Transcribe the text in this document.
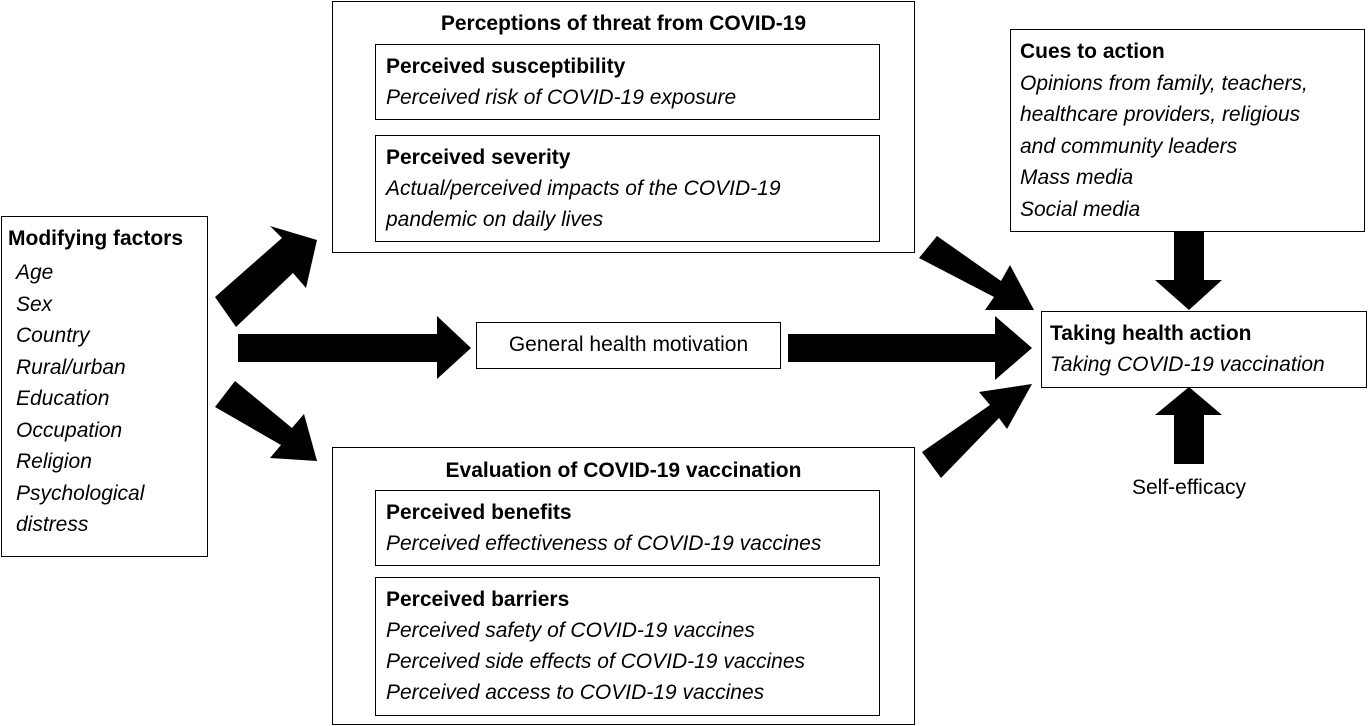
Modifying factors
Age
Sex
Country
Rural/urban
Education
Occupation
Religion
Psychological
distress
Perceptions of threat from COVID-19
Perceived susceptibility
Perceived risk of COVID-19 exposure
Perceived severity
Actual/perceived impacts of the COVID-19
pandemic on daily lives
General health motivation
Evaluation of COVID-19 vaccination
Perceived benefits
Perceived effectiveness of COVID-19 vaccines
Perceived barriers
Perceived safety of COVID-19 vaccines
Perceived side effects of COVID-19 vaccines
Perceived access to COVID-19 vaccines
Cues to action
Opinions from family, teachers,
healthcare providers, religious
and community leaders
Mass media
Social media
Taking health action
Taking COVID-19 vaccination
Self-efficacy
